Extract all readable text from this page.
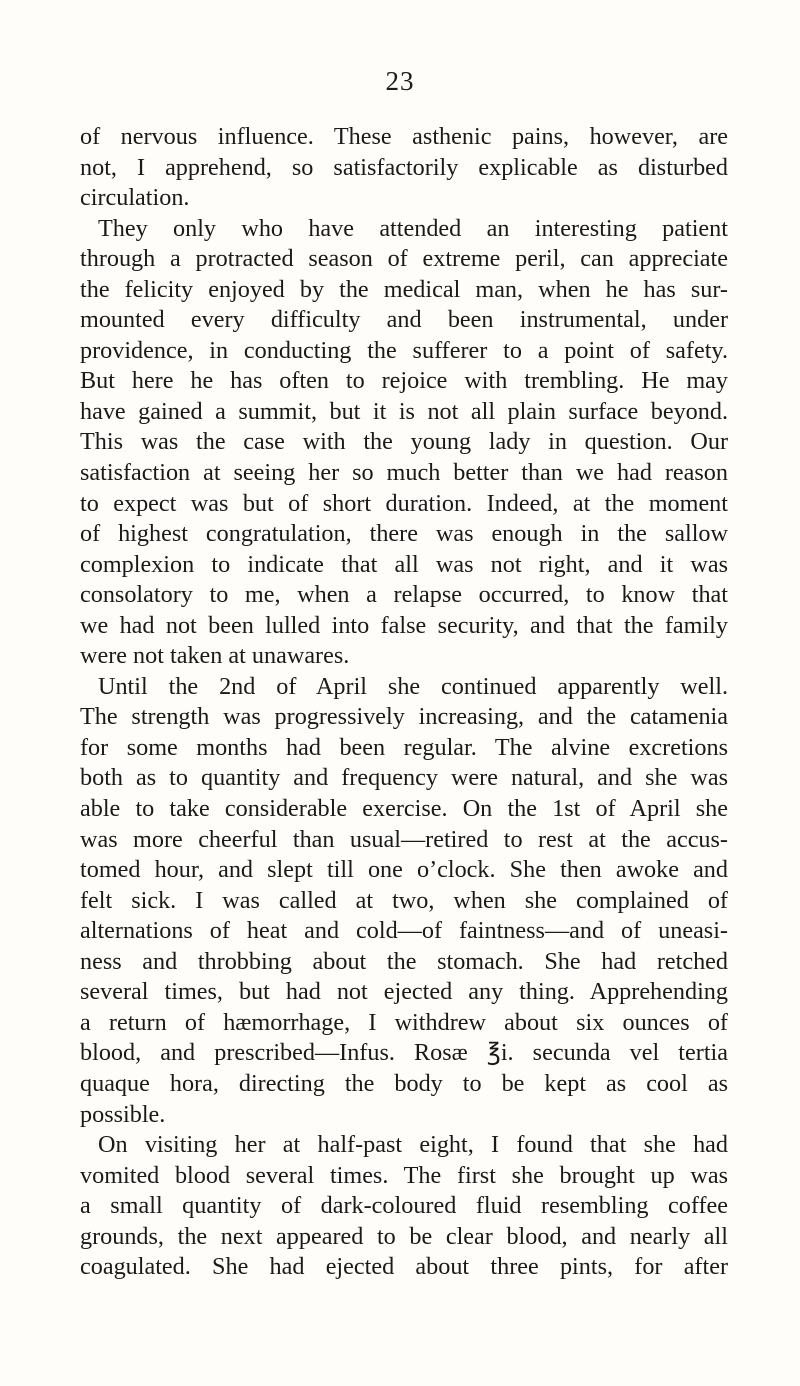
23
of nervous influence. These asthenic pains, however, are
not, I apprehend, so satisfactorily explicable as disturbed
circulation.
They only who have attended an interesting patient
through a protracted season of extreme peril, can appreciate
the felicity enjoyed by the medical man, when he has sur-
mounted every difficulty and been instrumental, under
providence, in conducting the sufferer to a point of safety.
But here he has often to rejoice with trembling. He may
have gained a summit, but it is not all plain surface beyond.
This was the case with the young lady in question. Our
satisfaction at seeing her so much better than we had reason
to expect was but of short duration. Indeed, at the moment
of highest congratulation, there was enough in the sallow
complexion to indicate that all was not right, and it was
consolatory to me, when a relapse occurred, to know that
we had not been lulled into false security, and that the family
were not taken at unawares.
Until the 2nd of April she continued apparently well.
The strength was progressively increasing, and the catamenia
for some months had been regular. The alvine excretions
both as to quantity and frequency were natural, and she was
able to take considerable exercise. On the 1st of April she
was more cheerful than usual—retired to rest at the accus-
tomed hour, and slept till one o’clock. She then awoke and
felt sick. I was called at two, when she complained of
alternations of heat and cold—of faintness—and of uneasi-
ness and throbbing about the stomach. She had retched
several times, but had not ejected any thing. Apprehending
a return of hæmorrhage, I withdrew about six ounces of
blood, and prescribed—Infus. Rosæ ℥i. secunda vel tertia
quaque hora, directing the body to be kept as cool as
possible.
On visiting her at half-past eight, I found that she had
vomited blood several times. The first she brought up was
a small quantity of dark-coloured fluid resembling coffee
grounds, the next appeared to be clear blood, and nearly all
coagulated. She had ejected about three pints, for after
